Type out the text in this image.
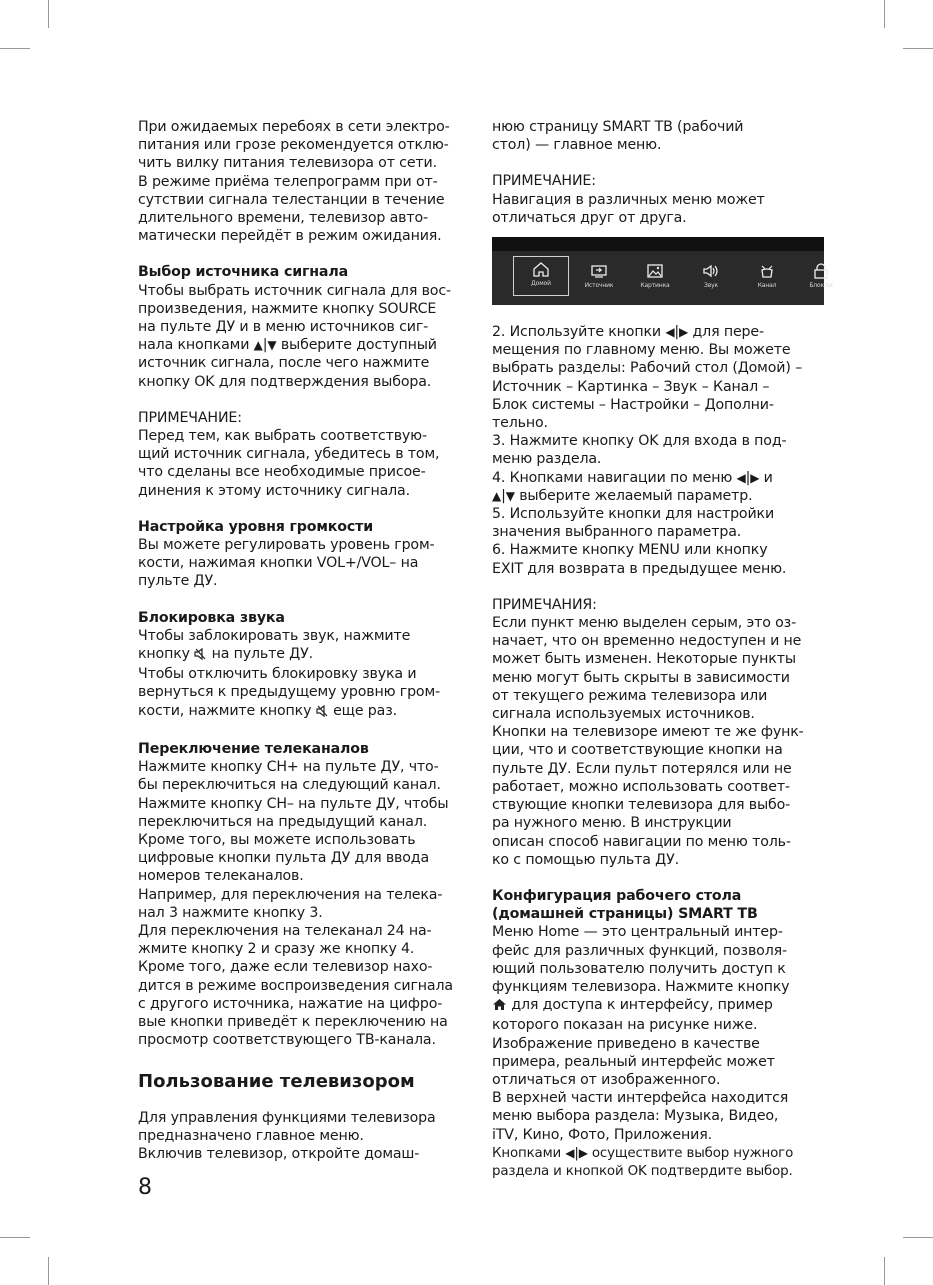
При ожидаемых перебоях в сети электро-

питания или грозе рекомендуется отклю-

чить вилку питания телевизора от сети.

В режиме приёма телепрограмм при от-

сутствии сигнала телестанции в течение

длительного времени, телевизор авто-

матически перейдёт в режим ожидания.

Выбор источника сигнала

Чтобы выбрать источник сигнала для вос-

произведения, нажмите кнопку SOURCE

на пульте ДУ и в меню источников сиг-

нала кнопками ▲|▼ выберите доступный

источник сигнала, после чего нажмите

кнопку OK для подтверждения выбора.

ПРИМЕЧАНИЕ:

Перед тем, как выбрать соответствую-

щий источник сигнала, убедитесь в том,

что сделаны все необходимые присое-

динения к этому источнику сигнала.

Настройка уровня громкости

Вы можете регулировать уровень гром-

кости, нажимая кнопки VOL+/VOL– на

пульте ДУ.

Блокировка звука

Чтобы заблокировать звук, нажмите

кнопку  на пульте ДУ.

Чтобы отключить блокировку звука и

вернуться к предыдущему уровню гром-

кости, нажмите кнопку  еще раз.

Переключение телеканалов

Нажмите кнопку CH+ на пульте ДУ, что-

бы переключиться на следующий канал.

Нажмите кнопку CH– на пульте ДУ, чтобы

переключиться на предыдущий канал.

Кроме того, вы можете использовать

цифровые кнопки пульта ДУ для ввода

номеров телеканалов.

Например, для переключения на телека-

нал 3 нажмите кнопку 3.

Для переключения на телеканал 24 на-

жмите кнопку 2 и сразу же кнопку 4.

Кроме того, даже если телевизор нахо-

дится в режиме воспроизведения сигнала

с другого источника, нажатие на цифро-

вые кнопки приведёт к переключению на

просмотр соответствующего ТВ-канала.

Пользование телевизором

Для управления функциями телевизора

предназначено главное меню.

Включив телевизор, откройте домаш-

8

нюю страницу SMART ТВ (рабочий

стол) — главное меню.

ПРИМЕЧАНИЕ:

Навигация в различных меню может

отличаться друг от друга.

Домой	Источник	Картинка	Звук	Канал	Блок си

2. Используйте кнопки ◀|▶ для пере-

мещения по главному меню. Вы можете

выбрать разделы: Рабочий стол (Домой) –

Источник – Картинка – Звук – Канал –

Блок системы – Настройки – Дополни-

тельно.

3. Нажмите кнопку OK для входа в под-

меню раздела.

4. Кнопками навигации по меню ◀|▶ и

▲|▼ выберите желаемый параметр.

5. Используйте кнопки для настройки

значения выбранного параметра.

6. Нажмите кнопку MENU или кнопку

EXIT для возврата в предыдущее меню.

ПРИМЕЧАНИЯ:

Если пункт меню выделен серым, это оз-

начает, что он временно недоступен и не

может быть изменен. Некоторые пункты

меню могут быть скрыты в зависимости

от текущего режима телевизора или

сигнала используемых источников.

Кнопки на телевизоре имеют те же функ-

ции, что и соответствующие кнопки на

пульте ДУ. Если пульт потерялся или не

работает, можно использовать соответ-

ствующие кнопки телевизора для выбо-

ра нужного меню. В инструкции

описан способ навигации по меню толь-

ко с помощью пульта ДУ.

Конфигурация рабочего стола

(домашней страницы) SMART ТВ

Меню Home — это центральный интер-

фейс для различных функций, позволя-

ющий пользователю получить доступ к

функциям телевизора. Нажмите кнопку

для доступа к интерфейсу, пример

которого показан на рисунке ниже.

Изображение приведено в качестве

примера, реальный интерфейс может

отличаться от изображенного.

В верхней части интерфейса находится

меню выбора раздела: Музыка, Видео,

iTV, Кино, Фото, Приложения.

Кнопками ◀|▶ осуществите выбор нужного

раздела и кнопкой OK подтвердите выбор.
